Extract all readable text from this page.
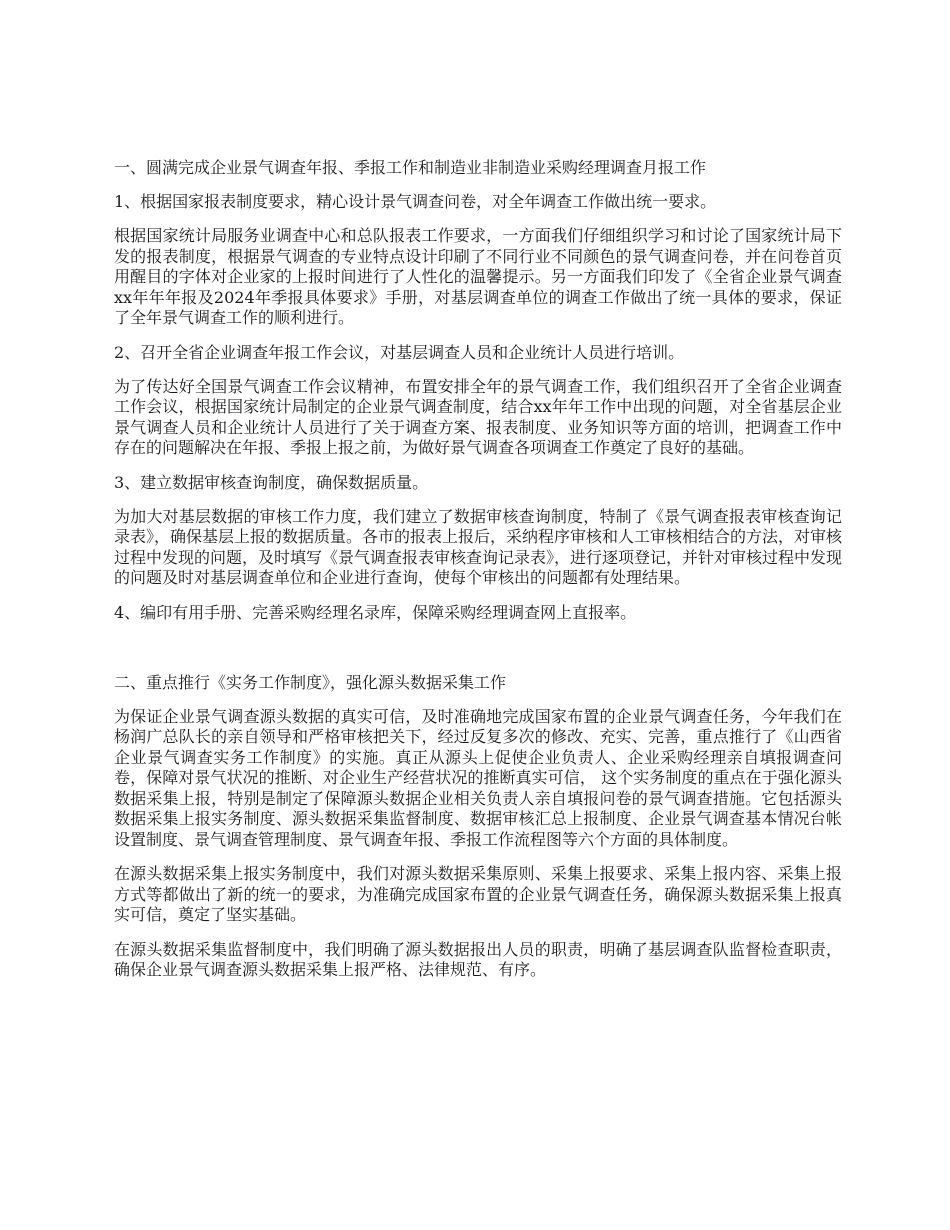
一、圆满完成企业景气调查年报、季报工作和制造业非制造业采购经理调查月报工作

1、根据国家报表制度要求，精心设计景气调查问卷，对全年调查工作做出统一要求。

根据国家统计局服务业调查中心和总队报表工作要求，一方面我们仔细组织学习和讨论了国家统计局下发的报表制度，根据景气调查的专业特点设计印刷了不同行业不同颜色的景气调查问卷，并在问卷首页用醒目的字体对企业家的上报时间进行了人性化的温馨提示。另一方面我们印发了《全省企业景气调查xx年年年报及2024年季报具体要求》手册，对基层调查单位的调查工作做出了统一具体的要求，保证了全年景气调查工作的顺利进行。

2、召开全省企业调查年报工作会议，对基层调查人员和企业统计人员进行培训。

为了传达好全国景气调查工作会议精神，布置安排全年的景气调查工作，我们组织召开了全省企业调查工作会议，根据国家统计局制定的企业景气调查制度，结合xx年年工作中出现的问题，对全省基层企业景气调查人员和企业统计人员进行了关于调查方案、报表制度、业务知识等方面的培训，把调查工作中存在的问题解决在年报、季报上报之前，为做好景气调查各项调查工作奠定了良好的基础。

3、建立数据审核查询制度，确保数据质量。

为加大对基层数据的审核工作力度，我们建立了数据审核查询制度，特制了《景气调查报表审核查询记录表》，确保基层上报的数据质量。各市的报表上报后，采纳程序审核和人工审核相结合的方法，对审核过程中发现的问题，及时填写《景气调查报表审核查询记录表》，进行逐项登记，并针对审核过程中发现的问题及时对基层调查单位和企业进行查询，使每个审核出的问题都有处理结果。

4、编印有用手册、完善采购经理名录库，保障采购经理调查网上直报率。

二、重点推行《实务工作制度》，强化源头数据采集工作

为保证企业景气调查源头数据的真实可信，及时准确地完成国家布置的企业景气调查任务，今年我们在杨润广总队长的亲自领导和严格审核把关下，经过反复多次的修改、充实、完善，重点推行了《山西省企业景气调查实务工作制度》的实施。真正从源头上促使企业负责人、企业采购经理亲自填报调查问卷，保障对景气状况的推断、对企业生产经营状况的推断真实可信， 这个实务制度的重点在于强化源头数据采集上报，特别是制定了保障源头数据企业相关负责人亲自填报问卷的景气调查措施。它包括源头数据采集上报实务制度、源头数据采集监督制度、数据审核汇总上报制度、企业景气调查基本情况台帐设置制度、景气调查管理制度、景气调查年报、季报工作流程图等六个方面的具体制度。

在源头数据采集上报实务制度中，我们对源头数据采集原则、采集上报要求、采集上报内容、采集上报方式等都做出了新的统一的要求，为准确完成国家布置的企业景气调查任务，确保源头数据采集上报真实可信，奠定了坚实基础。

在源头数据采集监督制度中，我们明确了源头数据报出人员的职责，明确了基层调查队监督检查职责，确保企业景气调查源头数据采集上报严格、法律规范、有序。
